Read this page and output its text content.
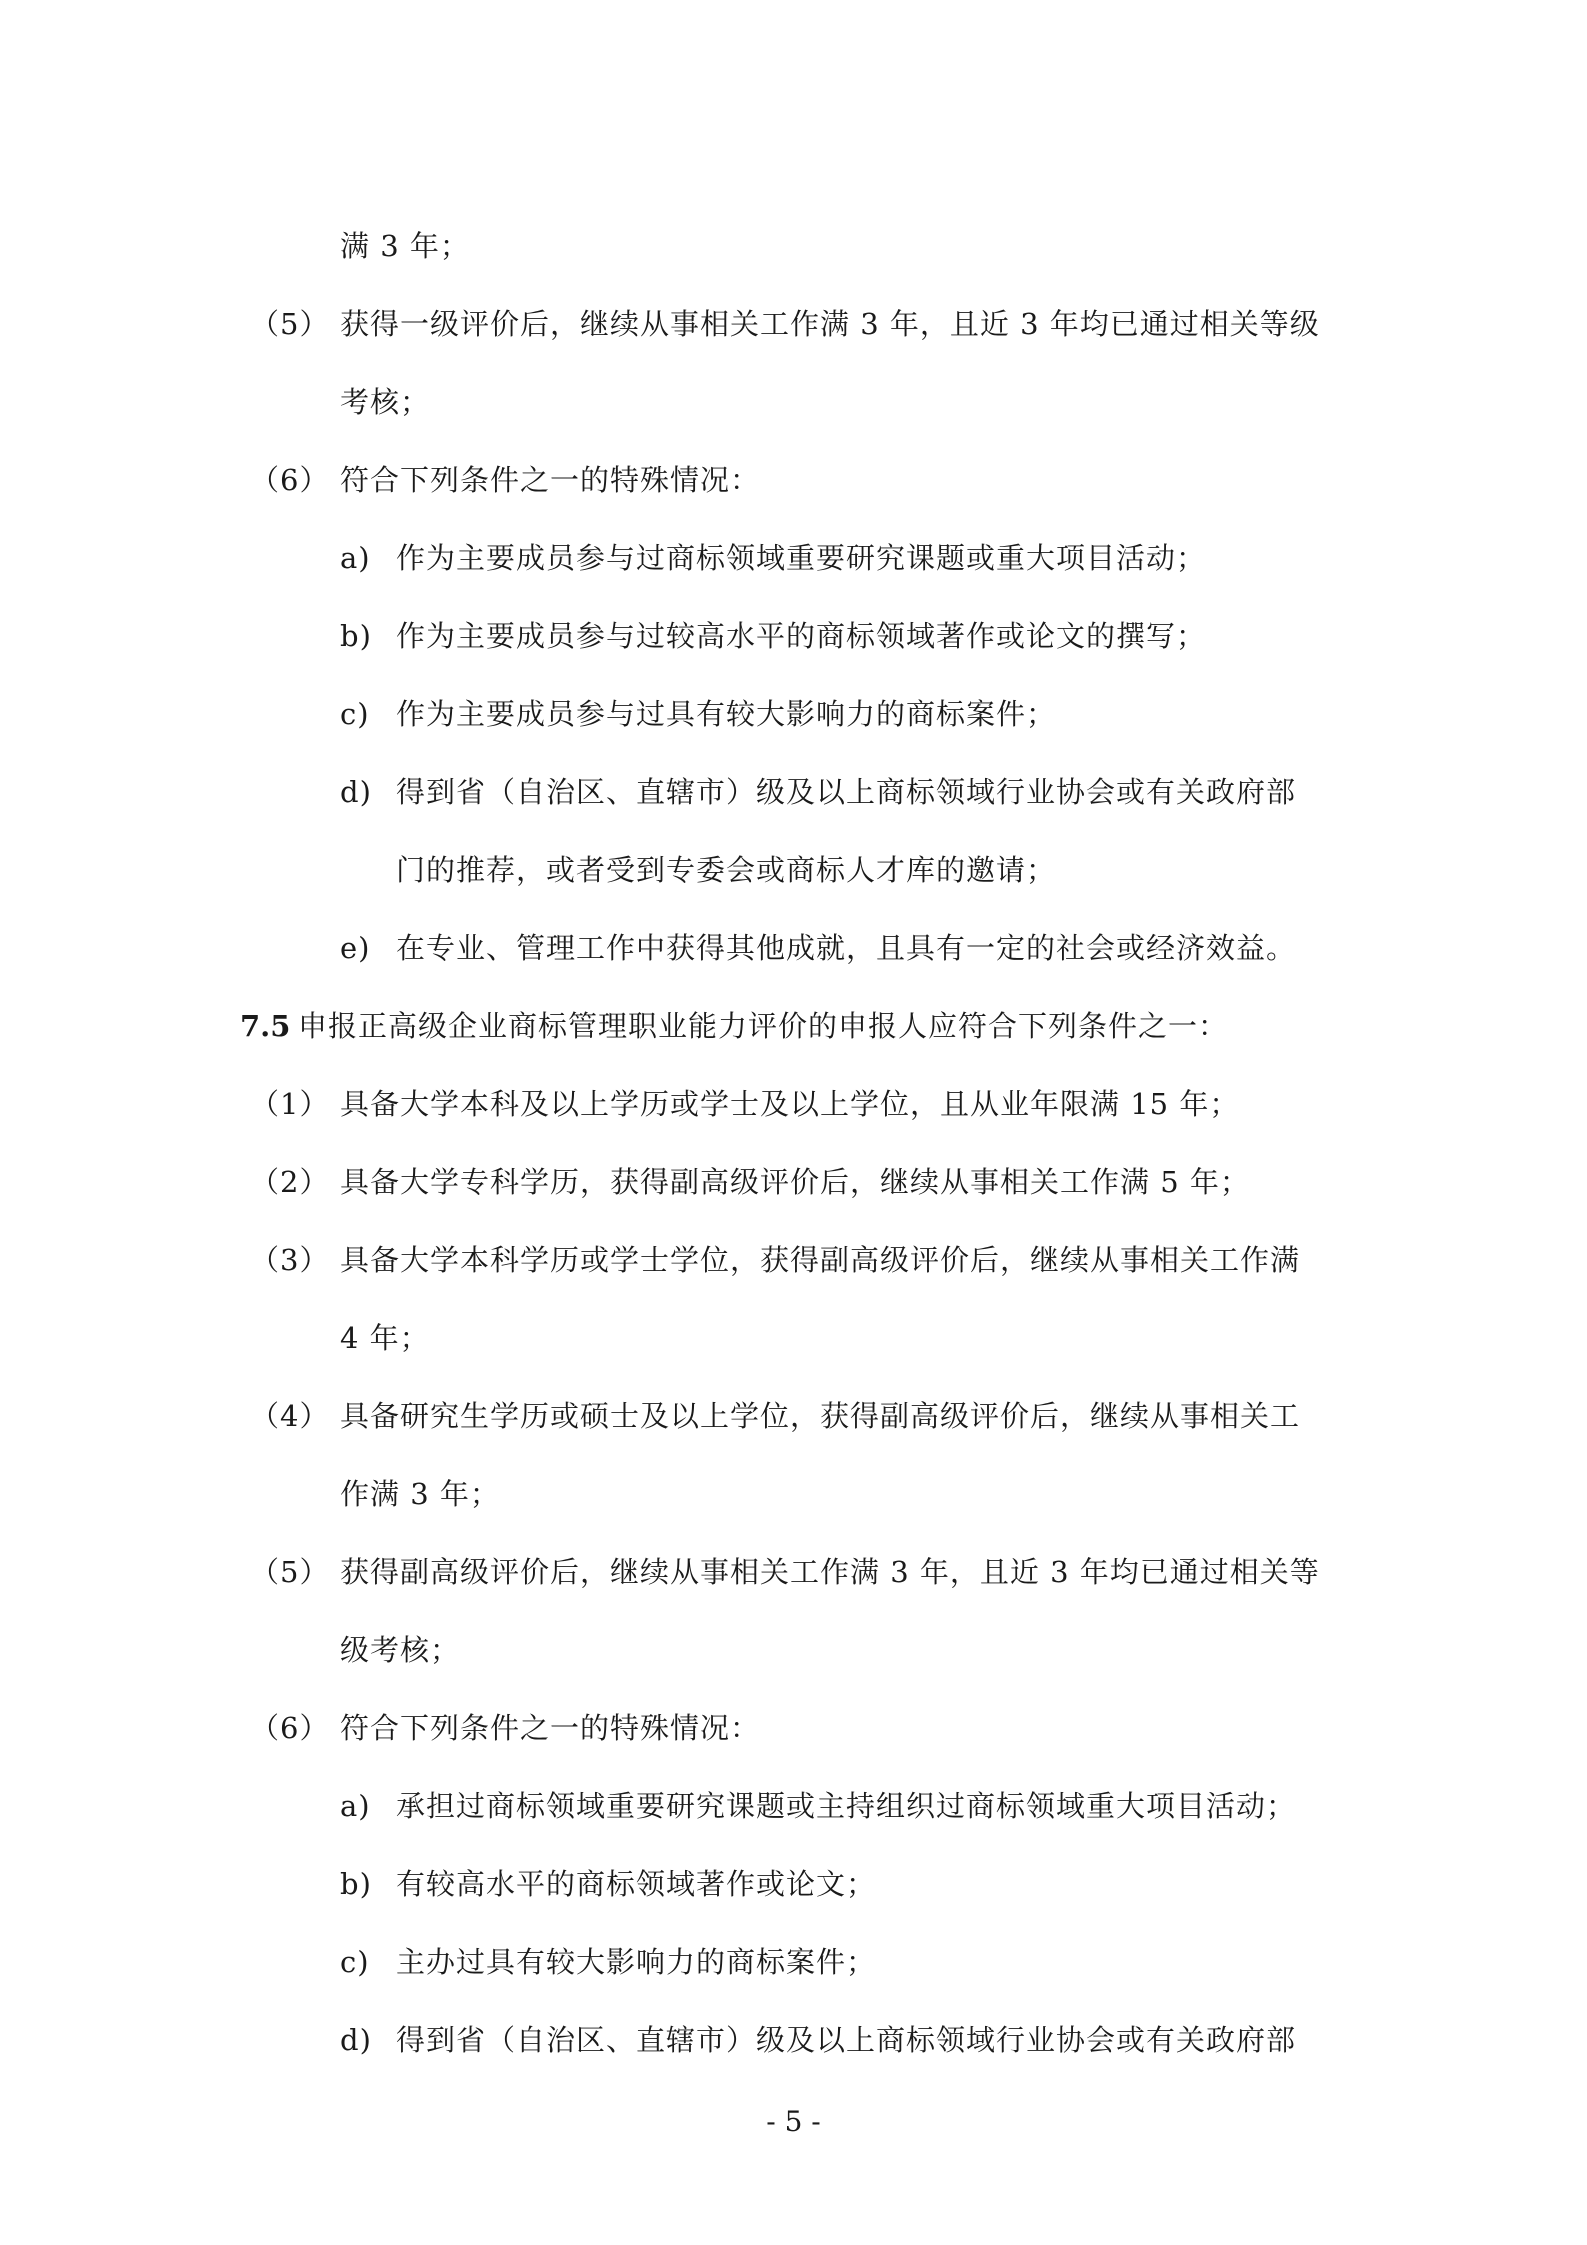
满 3 年；
（5） 获得一级评价后，继续从事相关工作满 3 年，且近 3 年均已通过相关等级
考核；
（6） 符合下列条件之一的特殊情况：
a) 作为主要成员参与过商标领域重要研究课题或重大项目活动；
b) 作为主要成员参与过较高水平的商标领域著作或论文的撰写；
c) 作为主要成员参与过具有较大影响力的商标案件；
d) 得到省（自治区、直辖市）级及以上商标领域行业协会或有关政府部
门的推荐，或者受到专委会或商标人才库的邀请；
e) 在专业、管理工作中获得其他成就，且具有一定的社会或经济效益。
7.5 申报正高级企业商标管理职业能力评价的申报人应符合下列条件之一：
（1） 具备大学本科及以上学历或学士及以上学位，且从业年限满 15 年；
（2） 具备大学专科学历，获得副高级评价后，继续从事相关工作满 5 年；
（3） 具备大学本科学历或学士学位，获得副高级评价后，继续从事相关工作满
4 年；
（4） 具备研究生学历或硕士及以上学位，获得副高级评价后，继续从事相关工
作满 3 年；
（5） 获得副高级评价后，继续从事相关工作满 3 年，且近 3 年均已通过相关等
级考核；
（6） 符合下列条件之一的特殊情况：
a) 承担过商标领域重要研究课题或主持组织过商标领域重大项目活动；
b) 有较高水平的商标领域著作或论文；
c) 主办过具有较大影响力的商标案件；
- 5 -
d) 得到省（自治区、直辖市）级及以上商标领域行业协会或有关政府部
